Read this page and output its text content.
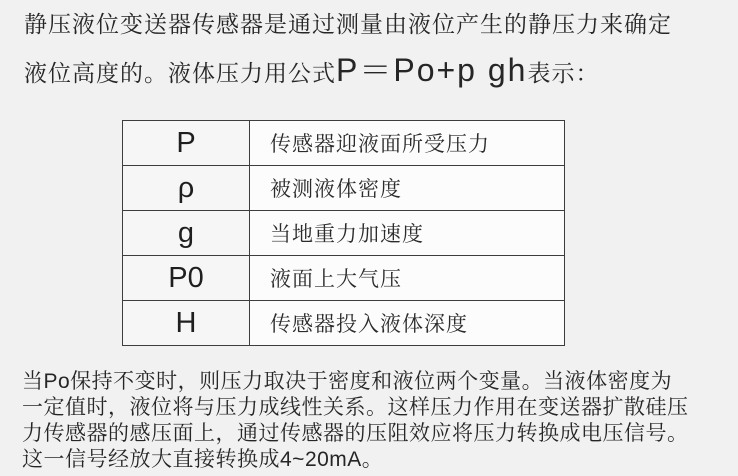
静压液位变送器传感器是通过测量由液位产生的静压力来确定
液位高度的。液体压力用公式P＝Po+p gh表示：
P	传感器迎液面所受压力
ρ	被测液体密度
g	当地重力加速度
P0	液面上大气压
H	传感器投入液体深度
当Po保持不变时，则压力取决于密度和液位两个变量。当液体密度为
一定值时，液位将与压力成线性关系。这样压力作用在变送器扩散硅压
力传感器的感压面上，通过传感器的压阻效应将压力转换成电压信号。
这一信号经放大直接转换成4~20mA。
